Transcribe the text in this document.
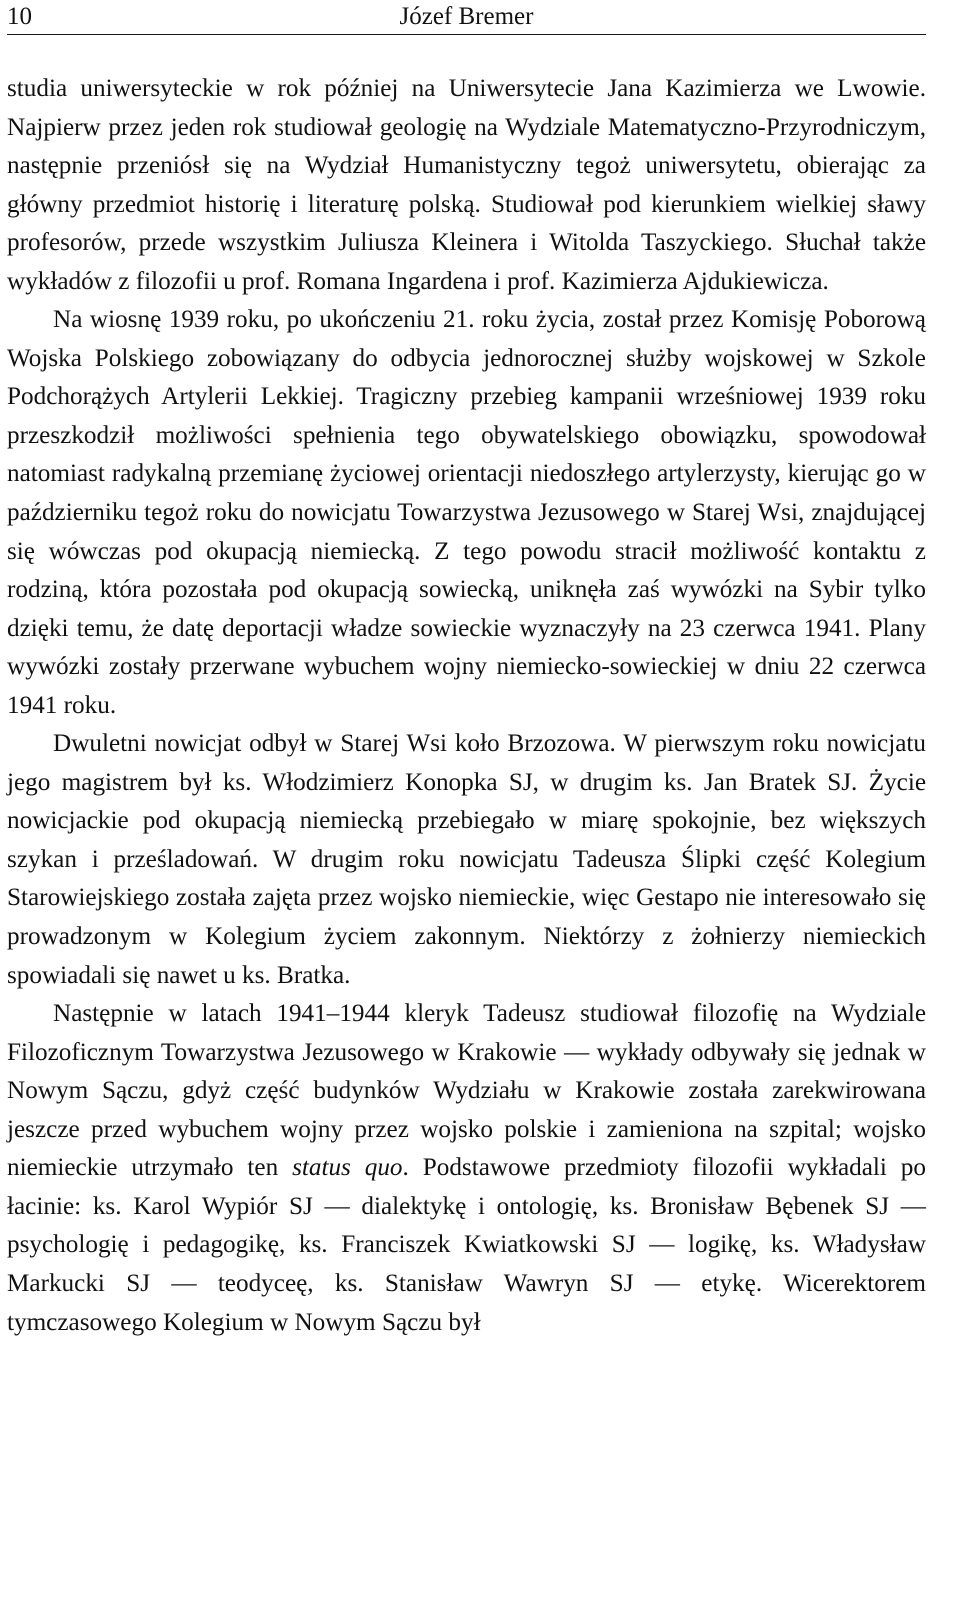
10	Józef Bremer

studia uniwersyteckie w rok później na Uniwersytecie Jana Kazimierza we Lwowie. Najpierw przez jeden rok studiował geologię na Wydziale Matematyczno-Przyrodniczym, następnie przeniósł się na Wydział Humanistyczny tegoż uniwersytetu, obierając za główny przedmiot historię i literaturę polską. Studiował pod kierunkiem wielkiej sławy profesorów, przede wszystkim Juliusza Kleinera i Witolda Taszyckiego. Słuchał także wykładów z filozofii u prof. Romana Ingardena i prof. Kazimierza Ajdukiewicza.

Na wiosnę 1939 roku, po ukończeniu 21. roku życia, został przez Komisję Poborową Wojska Polskiego zobowiązany do odbycia jednorocznej służby wojskowej w Szkole Podchorążych Artylerii Lekkiej. Tragiczny przebieg kampanii wrześniowej 1939 roku przeszkodził możliwości spełnienia tego obywatelskiego obowiązku, spowodował natomiast radykalną przemianę życiowej orientacji niedoszłego artylerzysty, kierując go w październiku tegoż roku do nowicjatu Towarzystwa Jezusowego w Starej Wsi, znajdującej się wówczas pod okupacją niemiecką. Z tego powodu stracił możliwość kontaktu z rodziną, która pozostała pod okupacją sowiecką, uniknęła zaś wywózki na Sybir tylko dzięki temu, że datę deportacji władze sowieckie wyznaczyły na 23 czerwca 1941. Plany wywózki zostały przerwane wybuchem wojny niemiecko-sowieckiej w dniu 22 czerwca 1941 roku.

Dwuletni nowicjat odbył w Starej Wsi koło Brzozowa. W pierwszym roku nowicjatu jego magistrem był ks. Włodzimierz Konopka SJ, w drugim ks. Jan Bratek SJ. Życie nowicjackie pod okupacją niemiecką przebiegało w miarę spokojnie, bez większych szykan i prześladowań. W drugim roku nowicjatu Tadeusza Ślipki część Kolegium Starowiejskiego została zajęta przez wojsko niemieckie, więc Gestapo nie interesowało się prowadzonym w Kolegium życiem zakonnym. Niektórzy z żołnierzy niemieckich spowiadali się nawet u ks. Bratka.

Następnie w latach 1941–1944 kleryk Tadeusz studiował filozofię na Wydziale Filozoficznym Towarzystwa Jezusowego w Krakowie — wykłady odbywały się jednak w Nowym Sączu, gdyż część budynków Wydziału w Krakowie została zarekwirowana jeszcze przed wybuchem wojny przez wojsko polskie i zamieniona na szpital; wojsko niemieckie utrzymało ten status quo. Podstawowe przedmioty filozofii wykładali po łacinie: ks. Karol Wypiór SJ — dialektykę i ontologię, ks. Bronisław Bębenek SJ — psychologię i pedagogikę, ks. Franciszek Kwiatkowski SJ — logikę, ks. Władysław Markucki SJ — teodyceę, ks. Stanisław Wawryn SJ — etykę. Wicerektorem tymczasowego Kolegium w Nowym Sączu był
